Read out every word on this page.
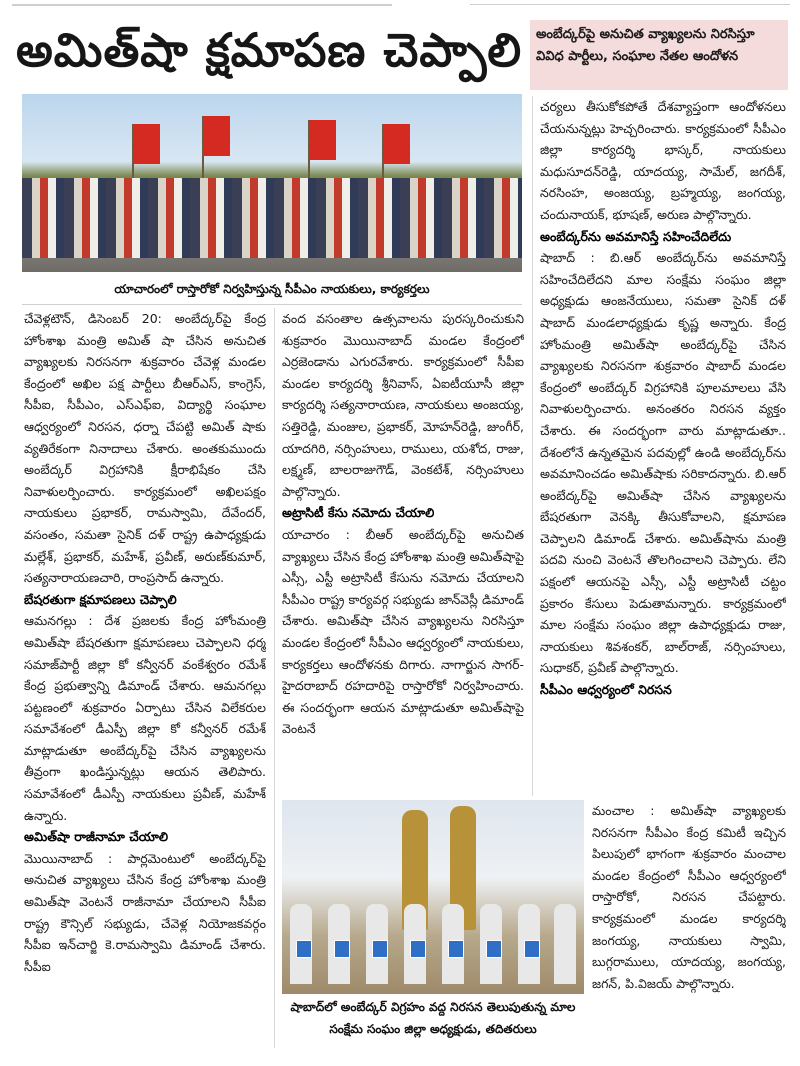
అమిత్‌షా క్షమాపణ చెప్పాలి	అంబేద్కర్‌పై అనుచిత వ్యాఖ్యలను నిరసిస్తూ వివిధ పార్టీలు, సంఘాల నేతల ఆందోళన
యాచారంలో రాస్తారోకో నిర్వహిస్తున్న సీపీఎం నాయకులు, కార్యకర్తలు

చేవెళ్లటౌన్, డిసెంబర్ 20: అంబేద్కర్‌పై కేంద్ర హోంశాఖ మంత్రి అమిత్ షా చేసిన అనుచిత వ్యాఖ్యలకు నిరసనగా శుక్రవారం చేవెళ్ల మండల కేంద్రంలో అఖిల పక్ష పార్టీలు బీఆర్ఎస్, కాంగ్రెస్, సీపీఐ, సీపీఎం, ఎస్ఎఫ్ఐ, విద్యార్థి సంఘాల ఆధ్వర్యంలో నిరసన, ధర్నా చేపట్టి అమిత్ షాకు వ్యతిరేకంగా నినాదాలు చేశారు. అంతకుముందు అంబేద్కర్ విగ్రహానికి క్షీరాభిషేకం చేసి నివాళులర్పించారు. కార్యక్రమంలో అఖిలపక్షం నాయకులు ప్రభాకర్, రామస్వామి, దేవేందర్, వసంతం, సమతా సైనిక్ దళ్ రాష్ట్ర ఉపాధ్యక్షుడు మల్లేశ్, ప్రభాకర్, మహేశ్, ప్రవీణ్, అరుణ్‌కుమార్, సత్యనారాయణచారి, రాంప్రసాద్ ఉన్నారు.

బేషరతుగా క్షమాపణలు చెప్పాలి

ఆమనగల్లు : దేశ ప్రజలకు కేంద్ర హోంమంత్రి అమిత్‌షా బేషరతుగా క్షమాపణలు చెప్పాలని ధర్మ సమాజ్‌పార్టీ జిల్లా కో కన్వీనర్ వంకేశ్వరం రమేశ్ కేంద్ర ప్రభుత్వాన్ని డిమాండ్ చేశారు. ఆమనగల్లు పట్టణంలో శుక్రవారం ఏర్పాటు చేసిన విలేకరుల సమావేశంలో డీఎస్పీ జిల్లా కో కన్వీనర్ రమేశ్ మాట్లాడుతూ అంబేద్కర్‌పై చేసిన వ్యాఖ్యలను తీవ్రంగా ఖండిస్తున్నట్లు ఆయన తెలిపారు. సమావేశంలో డీఎస్పీ నాయకులు ప్రవీణ్, మహేశ్ ఉన్నారు.

అమిత్‌షా రాజీనామా చేయాలి

మొయినాబాద్ : పార్లమెంటులో అంబేద్కర్‌పై అనుచిత వ్యాఖ్యలు చేసిన కేంద్ర హోంశాఖ మంత్రి అమిత్‌షా వెంటనే రాజీనామా చేయాలని సీపీఐ రాష్ట్ర కౌన్సిల్ సభ్యుడు, చేవెళ్ల నియోజకవర్గం సీపీఐ ఇన్‌చార్జి కె.రామస్వామి డిమాండ్ చేశారు. సీపీఐ

వంద వసంతాల ఉత్సవాలను పురస్కరించుకుని శుక్రవారం మొయినాబాద్ మండల కేంద్రంలో ఎర్రజెండాను ఎగురవేశారు. కార్యక్రమంలో సీపీఐ మండల కార్యదర్శి శ్రీనివాస్, ఏఐటీయూసీ జిల్లా కార్యదర్శి సత్యనారాయణ, నాయకులు అంజయ్య, సత్తిరెడ్డి, మంజుల, ప్రభాకర్, మోహన్‌రెడ్డి, జుంగీర్, యాదగిరి, నర్సింహులు, రాములు, యశోద, రాజు, లక్ష్మణ్, బాలరాజుగౌడ్, వెంకటేశ్, నర్సింహులు పాల్గొన్నారు.

అట్రాసిటీ కేసు నమోదు చేయాలి

యాచారం : బీఆర్ అంబేద్కర్‌పై అనుచిత వ్యాఖ్యలు చేసిన కేంద్ర హోంశాఖ మంత్రి అమిత్‌షాపై ఎస్సీ, ఎస్టీ అట్రాసిటీ కేసును నమోదు చేయాలని సీపీఎం రాష్ట్ర కార్యవర్గ సభ్యుడు జాన్‌వెస్లీ డిమాండ్ చేశారు. అమిత్‌షా చేసిన వ్యాఖ్యలను నిరసిస్తూ మండల కేంద్రంలో సీపీఎం ఆధ్వర్యంలో నాయకులు, కార్యకర్తలు ఆందోళనకు దిగారు. నాగార్జున సాగర్-హైదరాబాద్ రహదారిపై రాస్తారోకో నిర్వహించారు. ఈ సందర్భంగా ఆయన మాట్లాడుతూ అమిత్‌షాపై వెంటనే

చర్యలు తీసుకోకపోతే దేశవ్యాప్తంగా ఆందోళనలు చేయనున్నట్లు హెచ్చరించారు. కార్యక్రమంలో సీపీఎం జిల్లా కార్యదర్శి భాస్కర్, నాయకులు మధుసూదన్‌రెడ్డి, యాదయ్య, సామేల్, జగదీశ్, నరసింహ, అంజయ్య, బ్రహ్మయ్య, జంగయ్య, చందునాయక్, భూషణ్, అరుణ పాల్గొన్నారు.

అంబేద్కర్‌ను అవమానిస్తే సహించేదిలేదు

షాబాద్ : బి.ఆర్ అంబేద్కర్‌ను అవమానిస్తే సహించేదిలేదని మాల సంక్షేమ సంఘం జిల్లా అధ్యక్షుడు ఆంజనేయులు, సమతా సైనిక్ దళ్ షాబాద్ మండలాధ్యక్షుడు కృష్ణ అన్నారు. కేంద్ర హోంమంత్రి అమిత్‌షా అంబేద్కర్‌పై చేసిన వ్యాఖ్యలకు నిరసనగా శుక్రవారం షాబాద్ మండల కేంద్రంలో అంబేద్కర్ విగ్రహానికి పూలమాలలు వేసి నివాళులర్పించారు. అనంతరం నిరసన వ్యక్తం చేశారు. ఈ సందర్భంగా వారు మాట్లాడుతూ.. దేశంలోనే ఉన్నతమైన పదవుల్లో ఉండి అంబేద్కర్‌ను అవమానించడం అమిత్‌షాకు సరికాదన్నారు. బి.ఆర్ అంబేద్కర్‌పై అమిత్‌షా చేసిన వ్యాఖ్యలను బేషరతుగా వెనక్కి తీసుకోవాలని, క్షమాపణ చెప్పాలని డిమాండ్ చేశారు. అమిత్‌షాను మంత్రి పదవి నుంచి వెంటనే తొలగించాలని చెప్పారు. లేని పక్షంలో ఆయనపై ఎస్సీ, ఎస్టీ అట్రాసిటీ చట్టం ప్రకారం కేసులు పెడుతామన్నారు. కార్యక్రమంలో మాల సంక్షేమ సంఘం జిల్లా ఉపాధ్యక్షుడు రాజు, నాయకులు శివశంకర్, బాల్‌రాజ్, నర్సింహులు, సుధాకర్, ప్రవీణ్ పాల్గొన్నారు.

సీపీఎం ఆధ్వర్యంలో నిరసన

షాబాద్‌లో అంబేద్కర్ విగ్రహం వద్ద నిరసన తెలుపుతున్న మాల సంక్షేమ సంఘం జిల్లా అధ్యక్షుడు, తదితరులు

మంచాల : అమిత్‌షా వ్యాఖ్యలకు నిరసనగా సీపీఎం కేంద్ర కమిటీ ఇచ్చిన పిలుపులో భాగంగా శుక్రవారం మంచాల మండల కేంద్రంలో సీపీఎం ఆధ్వర్యంలో రాస్తారోకో, నిరసన చేపట్టారు. కార్యక్రమంలో మండల కార్యదర్శి జంగయ్య, నాయకులు స్వామి, బుగ్గరాములు, యాదయ్య, జంగయ్య, జగన్, పి.విజయ్ పాల్గొన్నారు.
